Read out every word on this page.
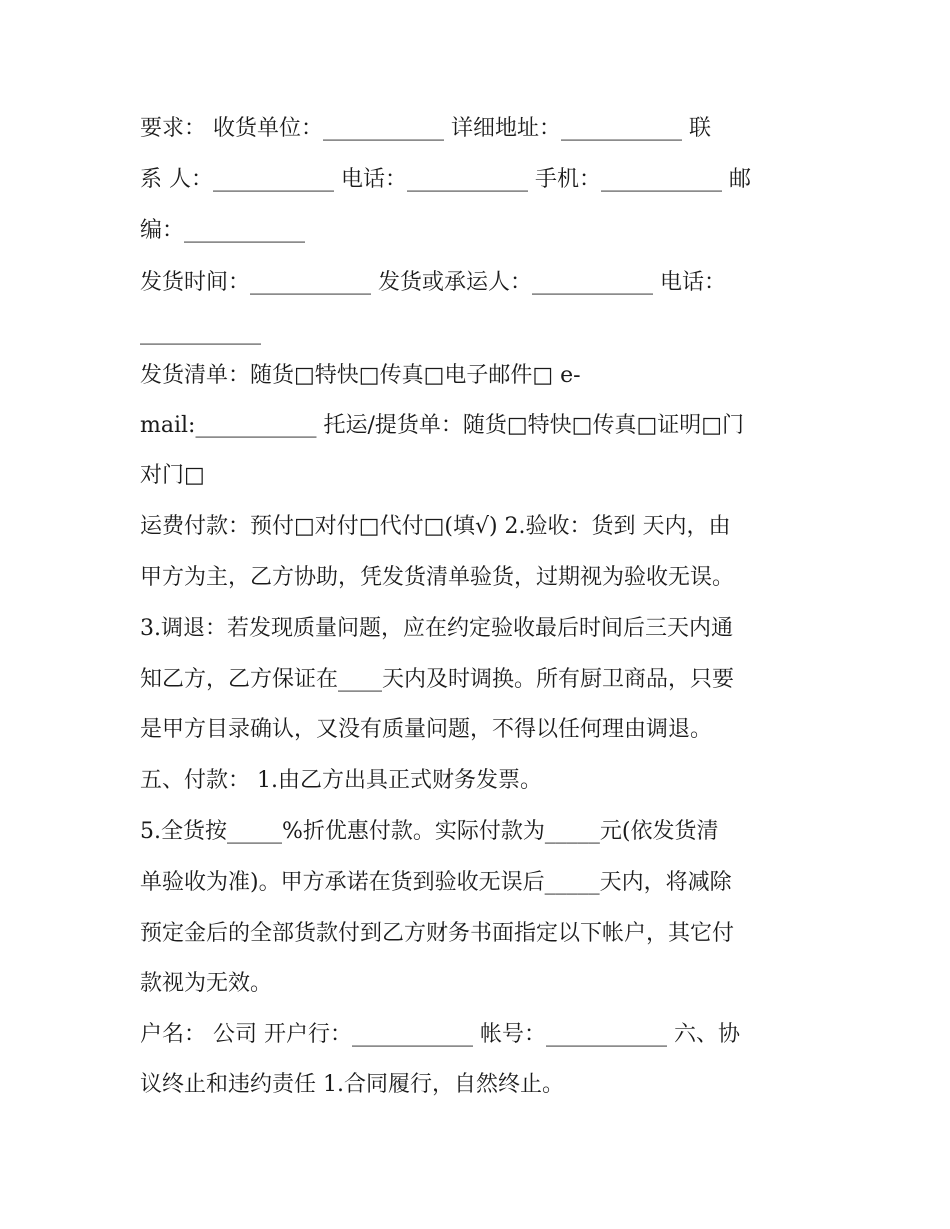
要求： 收货单位：___________ 详细地址：___________ 联
系 人：___________ 电话：___________ 手机：___________ 邮
编：___________
发货时间：___________ 发货或承运人：___________ 电话：
___________
发货清单：随货□特快□传真□电子邮件□ e-
mail:___________ 托运/提货单：随货□特快□传真□证明□门
对门□
运费付款：预付□对付□代付□(填√) 2.验收：货到 天内，由
甲方为主，乙方协助，凭发货清单验货，过期视为验收无误。
3.调退：若发现质量问题，应在约定验收最后时间后三天内通
知乙方，乙方保证在____天内及时调换。所有厨卫商品，只要
是甲方目录确认，又没有质量问题，不得以任何理由调退。
五、付款： 1.由乙方出具正式财务发票。
5.全货按_____%折优惠付款。实际付款为_____元(依发货清
单验收为准)。甲方承诺在货到验收无误后_____天内，将减除
预定金后的全部货款付到乙方财务书面指定以下帐户，其它付
款视为无效。
户名： 公司 开户行：___________ 帐号：___________ 六、协
议终止和违约责任 1.合同履行，自然终止。
